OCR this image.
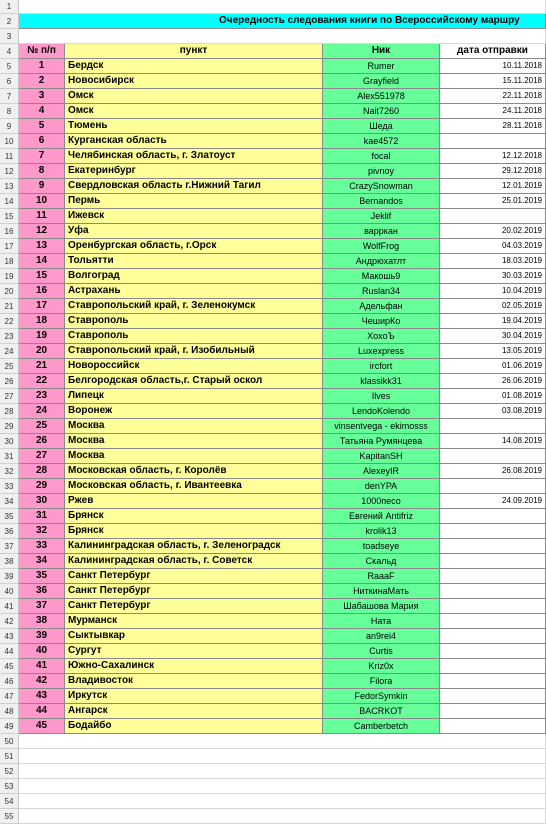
1
2	Очередность следования книги по Всероссийскому маршру
3
4	№ п/п	пункт	Ник	дата отправки
5	1	Бердск	Rumer	10.11.2018
6	2	Новосибирск	Grayfield	15.11.2018
7	3	Омск	Alex551978	22.11.2018
8	4	Омск	Nait7260	24.11.2018
9	5	Тюмень	Шеда	28.11.2018
10	6	Курганская область	kae4572
11	7	Челябинская область, г. Златоуст	focal	12.12.2018
12	8	Екатеринбург	pivnoy	29.12.2018
13	9	Свердловская область г.Нижний Тагил	CrazySnowman	12.01.2019
14	10	Пермь	Bernandos	25.01.2019
15	11	Ижевск	Jeklif
16	12	Уфа	варркан	20.02.2019
17	13	Оренбургская область, г.Орск	WolfFrog	04.03.2019
18	14	Тольятти	Андрюхатлт	18.03.2019
19	15	Волгоград	Макошь9	30.03.2019
20	16	Астрахань	Ruslan34	10.04.2019
21	17	Ставропольский край, г. Зеленокумск	Адельфан	02.05.2019
22	18	Ставрополь	ЧеширКо	19.04.2019
23	19	Ставрополь	XoxoЪ	30.04.2019
24	20	Ставропольский край, г. Изобильный	Luxexpress	13.05.2019
25	21	Новороссийск	ircfort	01.06.2019
26	22	Белгородская область,г. Старый оскол	klassikk31	26.06.2019
27	23	Липецк	Ilves	01.08.2019
28	24	Воронеж	LendoKolendo	03.08.2019
29	25	Москва	vinsentvega - ekimosss
30	26	Москва	Татьяна Румянцева	14.08.2019
31	27	Москва	KapitanSH
32	28	Московская область, г. Королёв	AlexeyIR	26.08.2019
33	29	Московская область, г. Ивантеевка	denYPA
34	30	Ржев	1000песо	24.09.2019
35	31	Брянск	Евгений Antifriz
36	32	Брянск	krolik13
37	33	Калининградская область, г. Зеленоградск	toadseye
38	34	Калининградская область, г. Советск	Скальд
39	35	Санкт Петербург	RaaaF
40	36	Санкт Петербург	НиткинаМать
41	37	Санкт Петербург	Шабашова Мария
42	38	Мурманск	Ната
43	39	Сыктывкар	an9rei4
44	40	Сургут	Curtis
45	41	Южно-Сахалинск	Kriz0x
46	42	Владивосток	Filora
47	43	Иркутск	FedorSymkin
48	44	Ангарск	BACRKOT
49	45	Бодайбо	Camberbetch
50
51
52
53
54
55
